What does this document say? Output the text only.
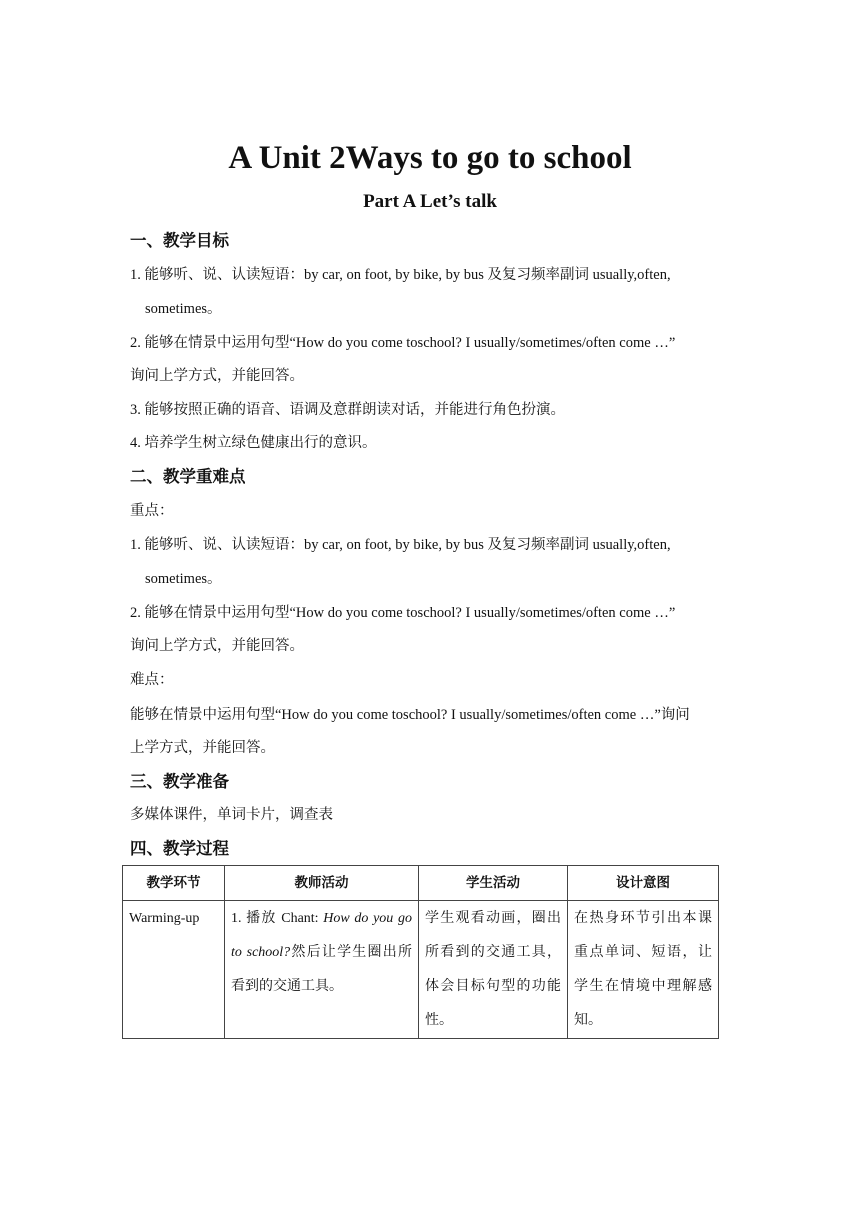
A Unit 2Ways to go to school
Part A Let’s talk
一、教学目标
1. 能够听、说、认读短语：by car, on foot, by bike, by bus 及复习频率副词 usually,often,
sometimes。
2. 能够在情景中运用句型“How do you come toschool? I usually/sometimes/often come …”
询问上学方式，并能回答。
3. 能够按照正确的语音、语调及意群朗读对话，并能进行角色扮演。
4. 培养学生树立绿色健康出行的意识。
二、教学重难点
重点：
1. 能够听、说、认读短语：by car, on foot, by bike, by bus 及复习频率副词 usually,often,
sometimes。
2. 能够在情景中运用句型“How do you come toschool? I usually/sometimes/often come …”
询问上学方式，并能回答。
难点：
能够在情景中运用句型“How do you come toschool? I usually/sometimes/often come …”询问
上学方式，并能回答。
三、教学准备
多媒体课件，单词卡片，调查表
四、教学过程
教学环节	教师活动	学生活动	设计意图
Warming-up	1. 播放 Chant: How do you go to school?然后让学生圈出所看到的交通工具。	学生观看动画，圈出所看到的交通工具，体会目标句型的功能性。	在热身环节引出本课重点单词、短语，让学生在情境中理解感知。
